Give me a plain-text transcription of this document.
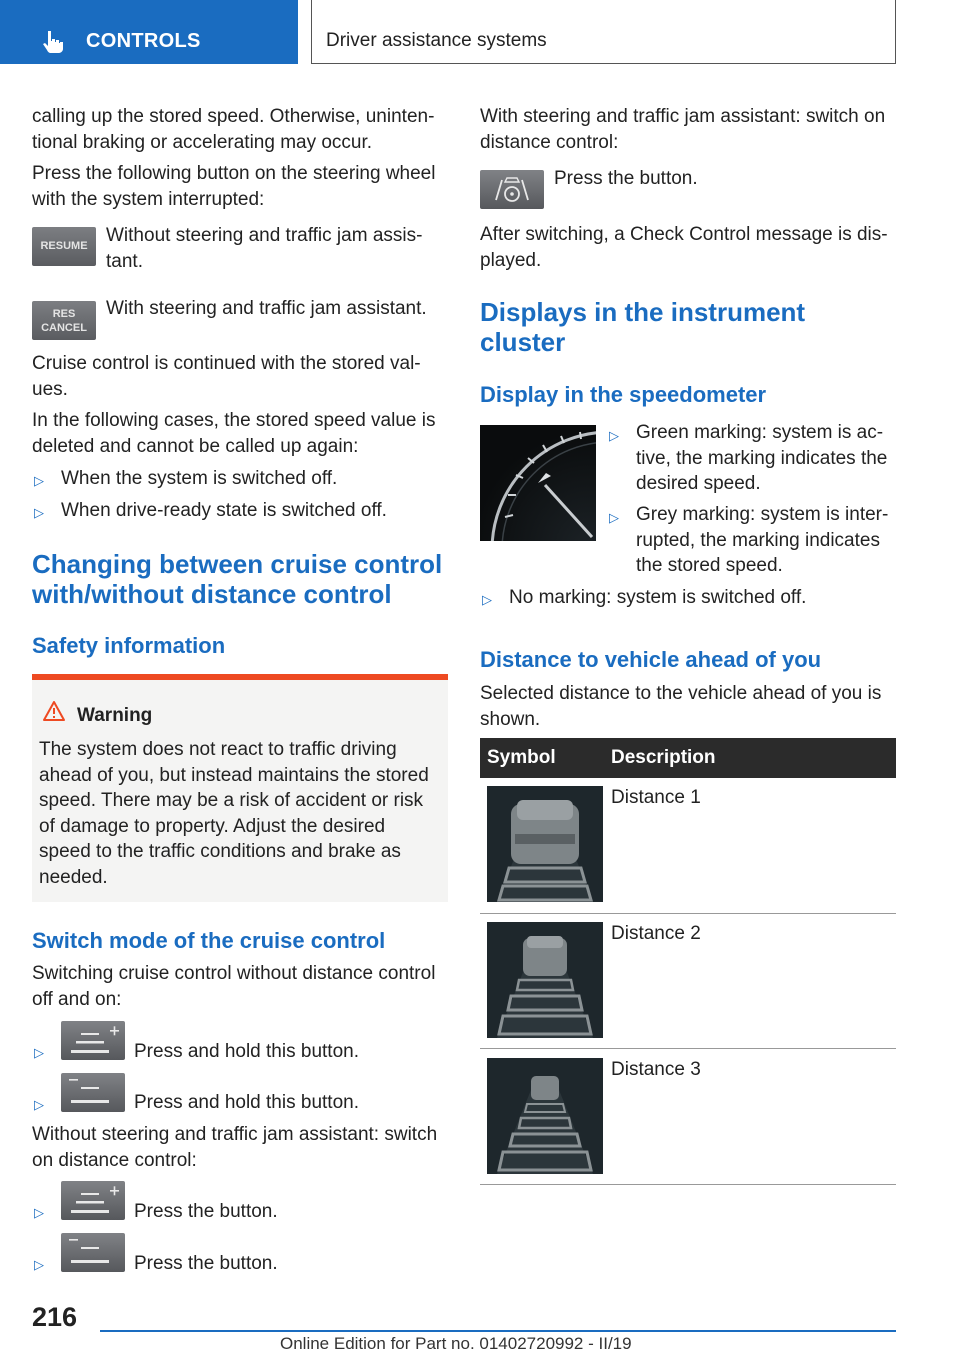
CONTROLS	Driver assistance systems
calling up the stored speed. Otherwise, uninten-
tional braking or accelerating may occur.
Press the following button on the steering wheel
with the system interrupted:
RESUME Without steering and traffic jam assis-
tant.
RES
CANCEL
With steering and traffic jam assistant.
Cruise control is continued with the stored val-
ues.
In the following cases, the stored speed value is
deleted and cannot be called up again:
▷ When the system is switched off.
▷ When drive-ready state is switched off.
Changing between cruise control
with/without distance control
Safety information
Warning
The system does not react to traffic driving
ahead of you, but instead maintains the stored
speed. There may be a risk of accident or risk
of damage to property. Adjust the desired
speed to the traffic conditions and brake as
needed.
Switch mode of the cruise control
Switching cruise control without distance control
off and on:
▷	Press and hold this button.
▷	Press and hold this button.
Without steering and traffic jam assistant: switch
on distance control:
▷	Press the button.
▷	Press the button.
With steering and traffic jam assistant: switch on
distance control:
Press the button.
After switching, a Check Control message is dis-
played.
Displays in the instrument
cluster
Display in the speedometer
▷ Green marking: system is ac-
tive, the marking indicates the
desired speed.
▷ Grey marking: system is inter-
rupted, the marking indicates
the stored speed.
▷ No marking: system is switched off.
Distance to vehicle ahead of you
Selected distance to the vehicle ahead of you is
shown.
Symbol	Description
Distance 1
Distance 2
Distance 3
216
Online Edition for Part no. 01402720992 - II/19
